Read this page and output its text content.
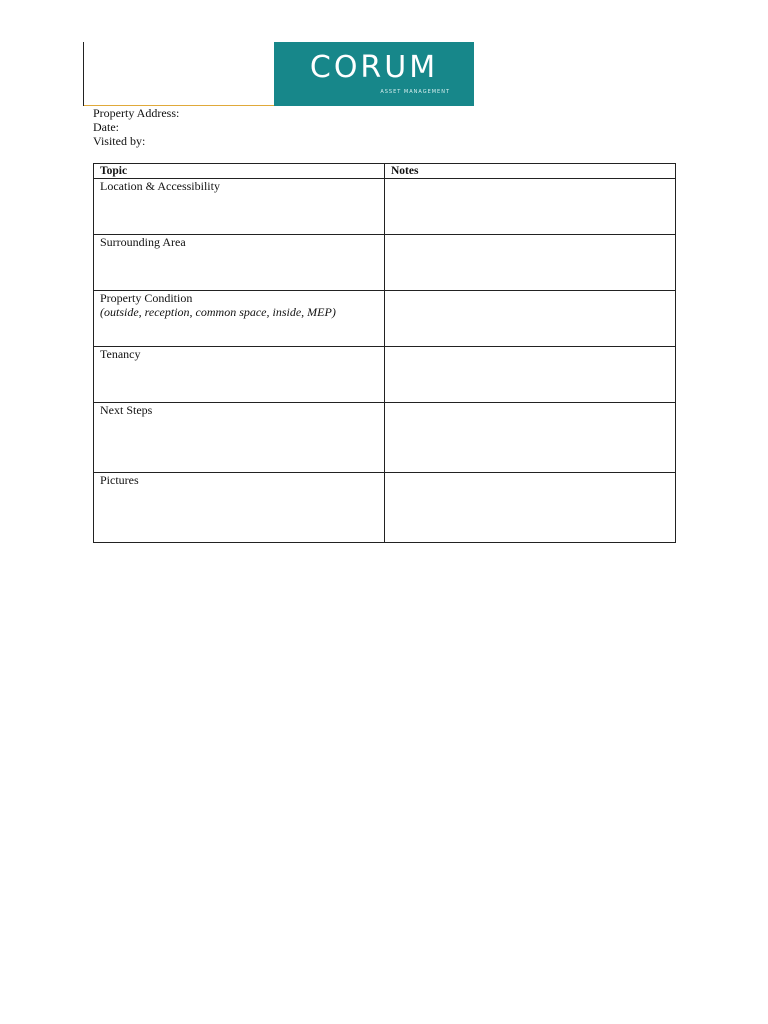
CORUM
ASSET MANAGEMENT
Property Address:
Date:
Visited by:
Topic	Notes
Location & Accessibility	
Surrounding Area	
Property Condition
(outside, reception, common space, inside, MEP)	

Tenancy	
Next Steps	
Pictures	
